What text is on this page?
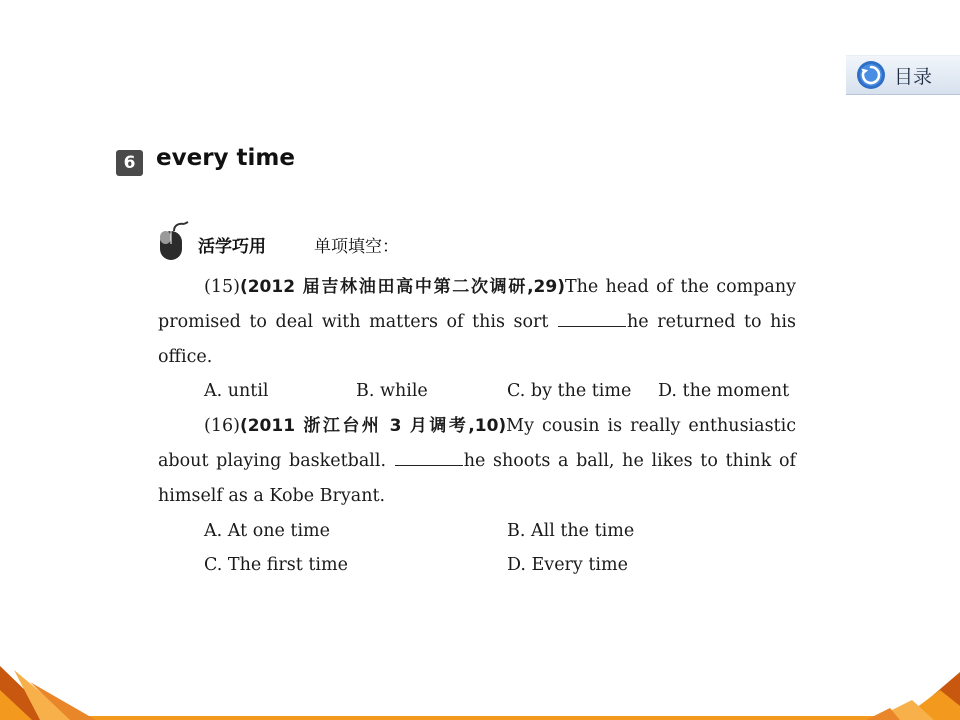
目录
6 every time
活学巧用	单项填空：

(15)(2012 届吉林油田高中第二次调研,29)The head of the company promised to deal with matters of this sort	he returned to his office.

A. until	B. while	C. by the time D. the moment

(16)(2011 浙江台州 3 月调考,10)My cousin is really enthusiastic about playing basketball.	he shoots a ball, he likes to think of himself as a Kobe Bryant.

A. At one time	B. All the time
C. The first time	D. Every time
